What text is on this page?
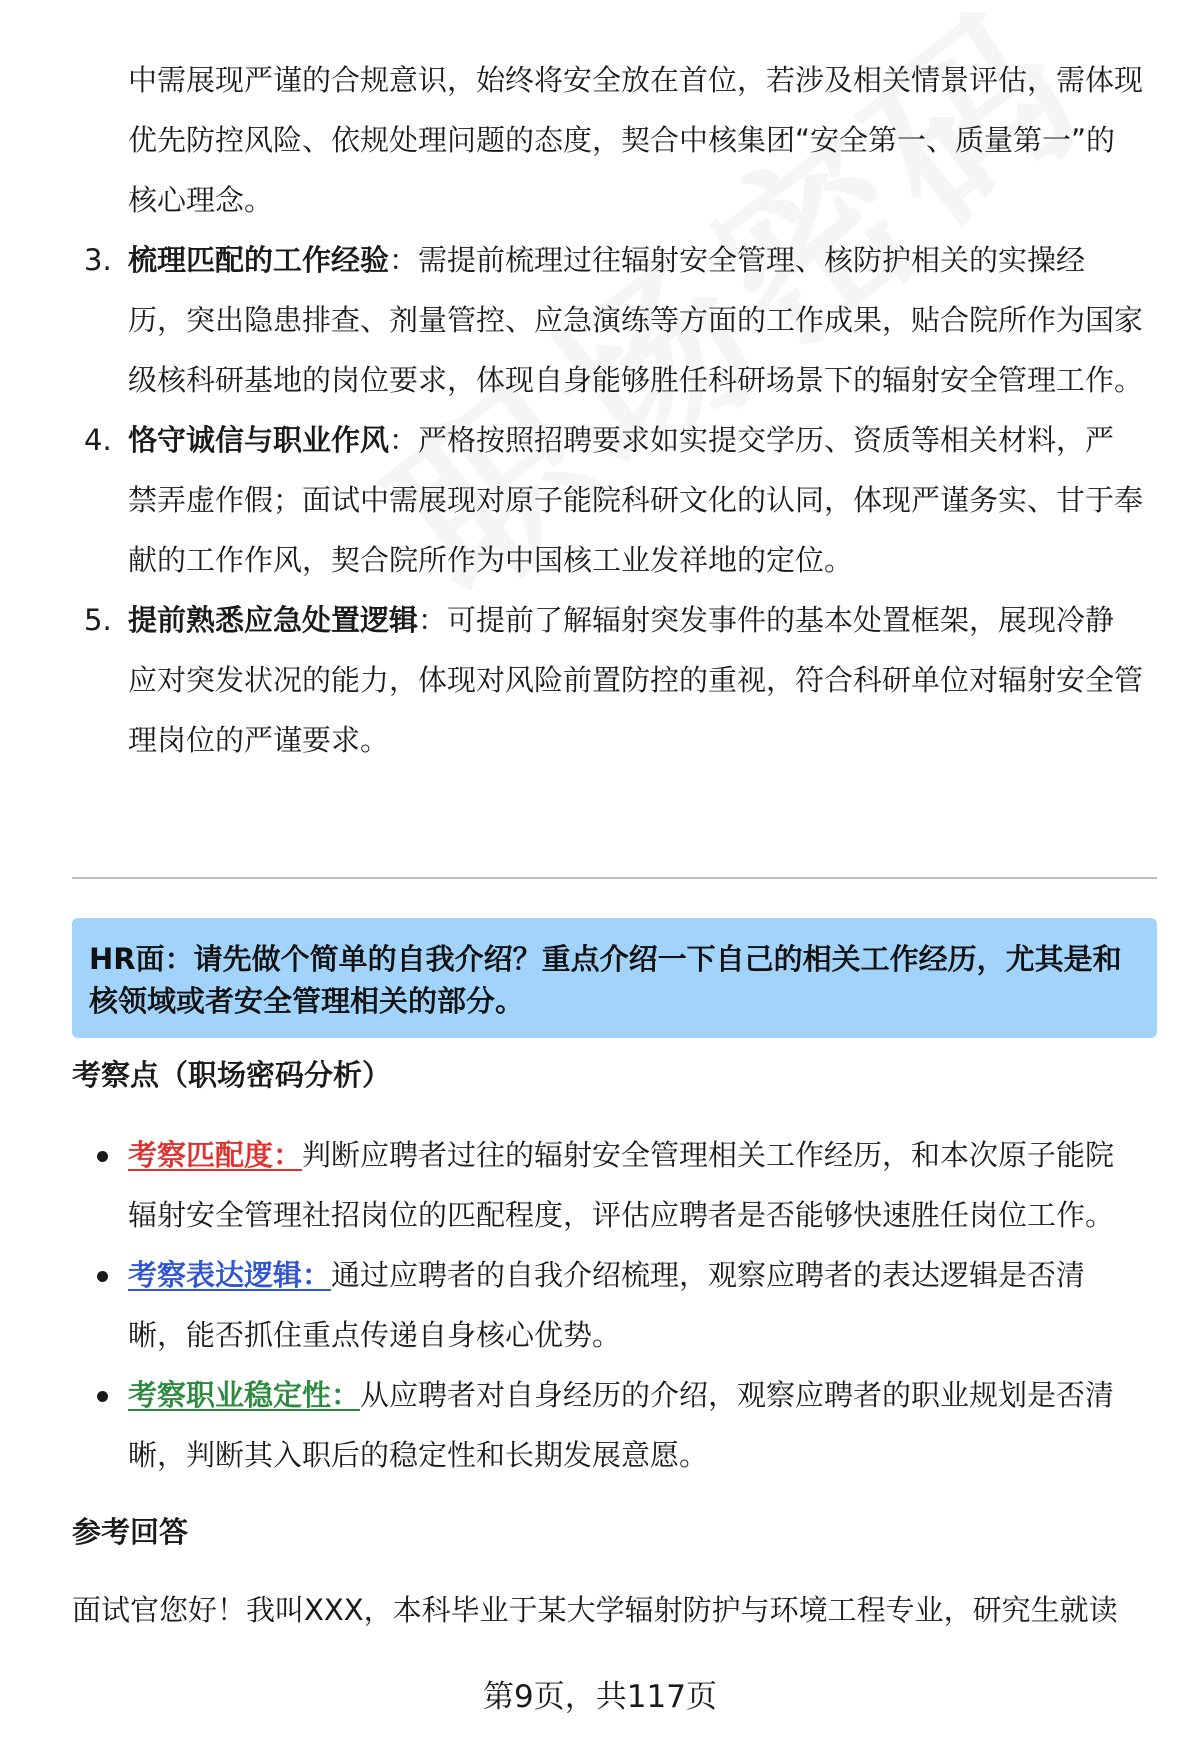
中需展现严谨的合规意识，始终将安全放在首位，若涉及相关情景评估，需体现优先防控风险、依规处理问题的态度，契合中核集团“安全第一、质量第一”的核心理念。
3. 梳理匹配的工作经验：需提前梳理过往辐射安全管理、核防护相关的实操经历，突出隐患排查、剂量管控、应急演练等方面的工作成果，贴合院所作为国家级核科研基地的岗位要求，体现自身能够胜任科研场景下的辐射安全管理工作。
4. 恪守诚信与职业作风：严格按照招聘要求如实提交学历、资质等相关材料，严禁弄虚作假；面试中需展现对原子能院科研文化的认同，体现严谨务实、甘于奉献的工作作风，契合院所作为中国核工业发祥地的定位。
5. 提前熟悉应急处置逻辑：可提前了解辐射突发事件的基本处置框架，展现冷静应对突发状况的能力，体现对风险前置防控的重视，符合科研单位对辐射安全管理岗位的严谨要求。
HR面：请先做个简单的自我介绍？重点介绍一下自己的相关工作经历，尤其是和核领域或者安全管理相关的部分。
考察点（职场密码分析）
考察匹配度：判断应聘者过往的辐射安全管理相关工作经历，和本次原子能院辐射安全管理社招岗位的匹配程度，评估应聘者是否能够快速胜任岗位工作。
考察表达逻辑：通过应聘者的自我介绍梳理，观察应聘者的表达逻辑是否清晰，能否抓住重点传递自身核心优势。
考察职业稳定性：从应聘者对自身经历的介绍，观察应聘者的职业规划是否清晰，判断其入职后的稳定性和长期发展意愿。
参考回答
面试官您好！我叫XXX，本科毕业于某大学辐射防护与环境工程专业，研究生就读
第9页，共117页
